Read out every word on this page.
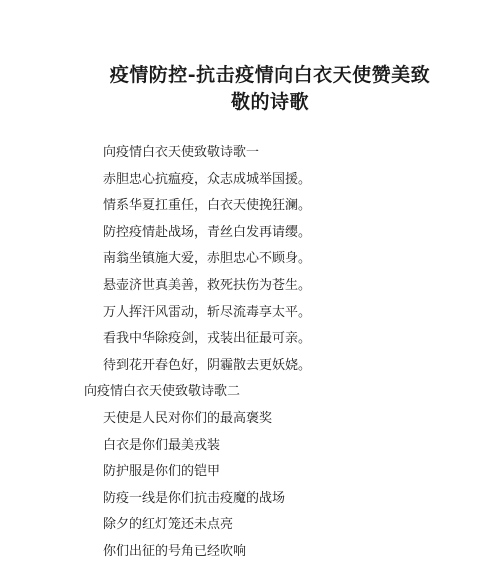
疫情防控-抗击疫情向白衣天使赞美致
敬的诗歌
向疫情白衣天使致敬诗歌一
赤胆忠心抗瘟疫，众志成城举国援。
情系华夏扛重任，白衣天使挽狂澜。
防控疫情赴战场，青丝白发再请缨。
南翁坐镇施大爱，赤胆忠心不顾身。
悬壶济世真美善，救死扶伤为苍生。
万人挥汗风雷动，斩尽流毒享太平。
看我中华除疫剑，戎装出征最可亲。
待到花开春色好，阴霾散去更妖娆。
向疫情白衣天使致敬诗歌二
天使是人民对你们的最高褒奖
白衣是你们最美戎装
防护服是你们的铠甲
防疫一线是你们抗击疫魔的战场
除夕的红灯笼还未点亮
你们出征的号角已经吹响
